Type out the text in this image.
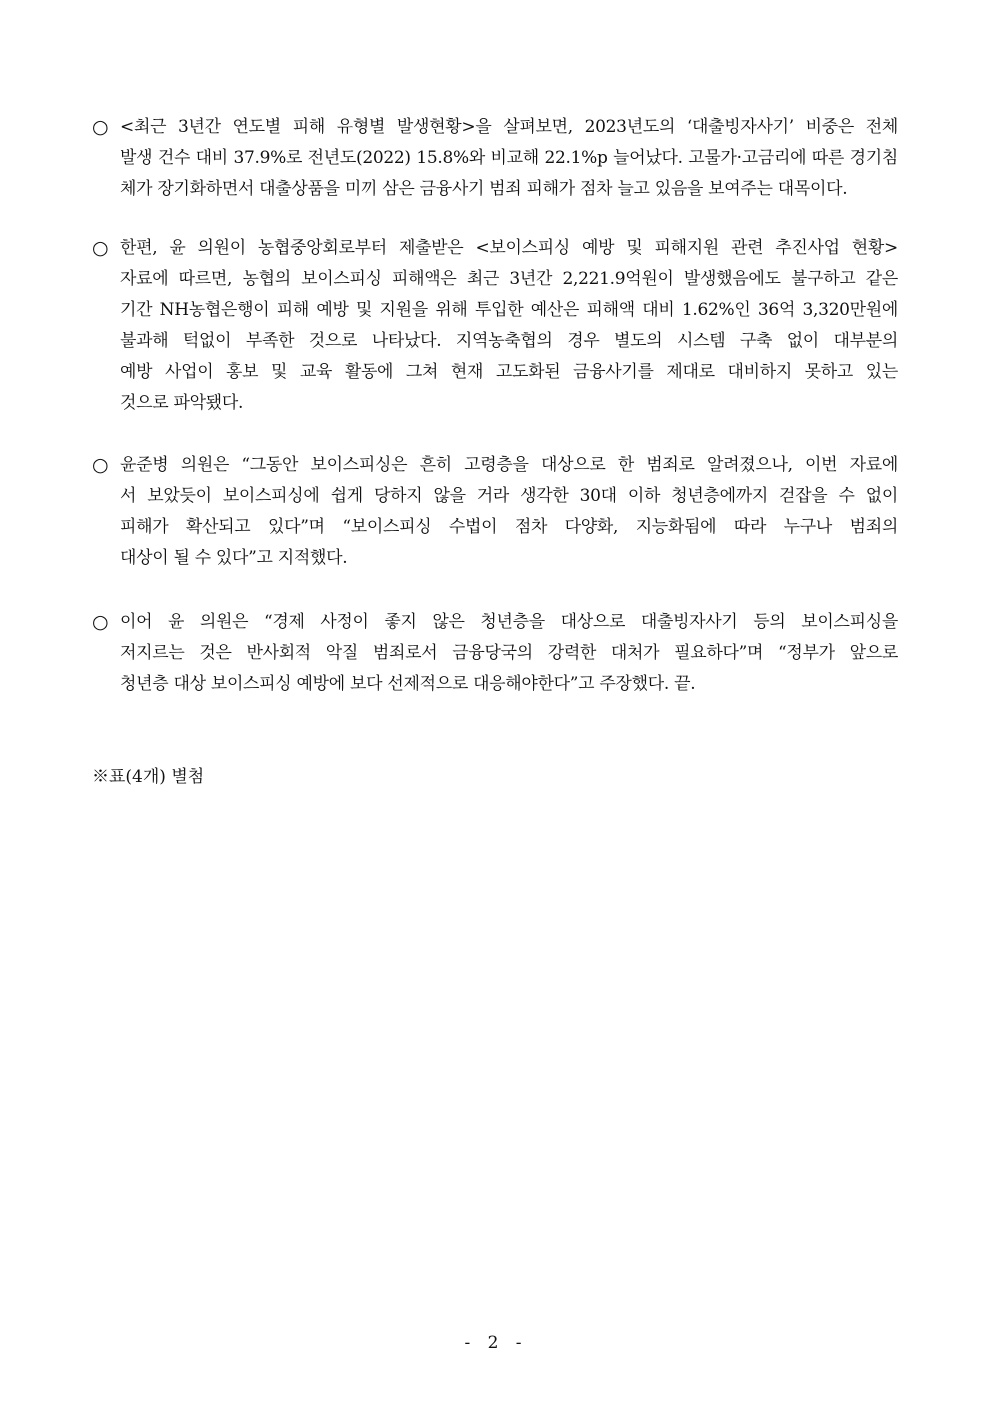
○ <최근 3년간 연도별 피해 유형별 발생현황>을 살펴보면, 2023년도의 ‘대출빙자사기’ 비중은 전체
발생 건수 대비 37.9%로 전년도(2022) 15.8%와 비교해 22.1%p 늘어났다. 고물가·고금리에 따른 경기침
체가 장기화하면서 대출상품을 미끼 삼은 금융사기 범죄 피해가 점차 늘고 있음을 보여주는 대목이다.
○ 한편, 윤 의원이 농협중앙회로부터 제출받은 <보이스피싱 예방 및 피해지원 관련 추진사업 현황>
자료에 따르면, 농협의 보이스피싱 피해액은 최근 3년간 2,221.9억원이 발생했음에도 불구하고 같은
기간 NH농협은행이 피해 예방 및 지원을 위해 투입한 예산은 피해액 대비 1.62%인 36억 3,320만원에
불과해 턱없이 부족한 것으로 나타났다. 지역농축협의 경우 별도의 시스템 구축 없이 대부분의
예방 사업이 홍보 및 교육 활동에 그쳐 현재 고도화된 금융사기를 제대로 대비하지 못하고 있는
것으로 파악됐다.
○ 윤준병 의원은 “그동안 보이스피싱은 흔히 고령층을 대상으로 한 범죄로 알려졌으나, 이번 자료에
서 보았듯이 보이스피싱에 쉽게 당하지 않을 거라 생각한 30대 이하 청년층에까지 걷잡을 수 없이
피해가 확산되고 있다”며 “보이스피싱 수법이 점차 다양화, 지능화됨에 따라 누구나 범죄의
대상이 될 수 있다”고 지적했다.
○ 이어 윤 의원은 “경제 사정이 좋지 않은 청년층을 대상으로 대출빙자사기 등의 보이스피싱을
저지르는 것은 반사회적 악질 범죄로서 금융당국의 강력한 대처가 필요하다”며 “정부가 앞으로
청년층 대상 보이스피싱 예방에 보다 선제적으로 대응해야한다”고 주장했다. 끝.
※표(4개) 별첨
- 2 -
